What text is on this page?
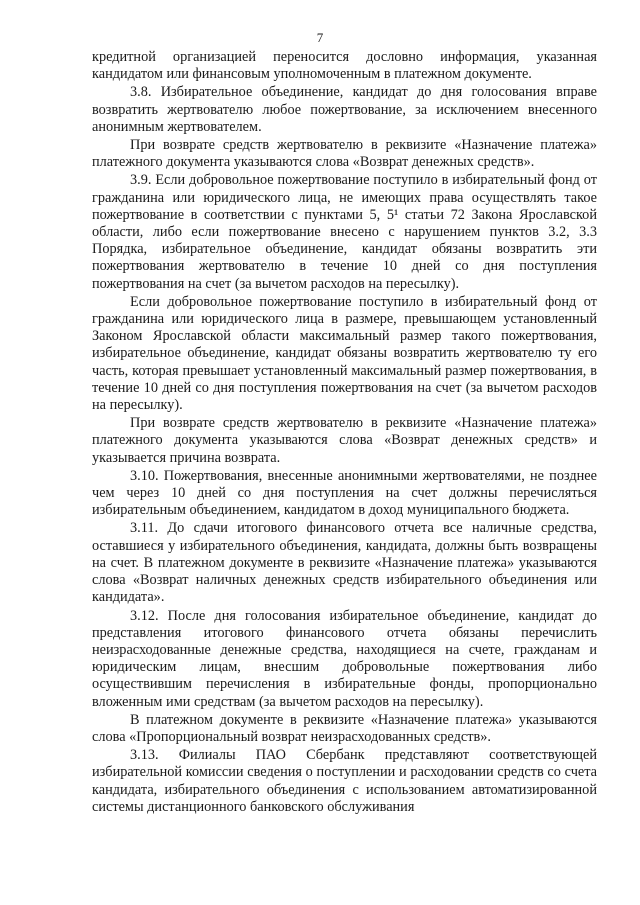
7

кредитной организацией переносится дословно информация, указанная кандидатом или финансовым уполномоченным в платежном документе.

3.8. Избирательное объединение, кандидат до дня голосования вправе возвратить жертвователю любое пожертвование, за исключением внесенного анонимным жертвователем.

При возврате средств жертвователю в реквизите «Назначение платежа» платежного документа указываются слова «Возврат денежных средств».

3.9. Если добровольное пожертвование поступило в избирательный фонд от гражданина или юридического лица, не имеющих права осуществлять такое пожертвование в соответствии с пунктами 5, 5¹ статьи 72 Закона Ярославской области, либо если пожертвование внесено с нарушением пунктов 3.2, 3.3 Порядка, избирательное объединение, кандидат обязаны возвратить эти пожертвования жертвователю в течение 10 дней со дня поступления пожертвования на счет (за вычетом расходов на пересылку).

Если добровольное пожертвование поступило в избирательный фонд от гражданина или юридического лица в размере, превышающем установленный Законом Ярославской области максимальный размер такого пожертвования, избирательное объединение, кандидат обязаны возвратить жертвователю ту его часть, которая превышает установленный максимальный размер пожертвования, в течение 10 дней со дня поступления пожертвования на счет (за вычетом расходов на пересылку).

При возврате средств жертвователю в реквизите «Назначение платежа» платежного документа указываются слова «Возврат денежных средств» и указывается причина возврата.

3.10. Пожертвования, внесенные анонимными жертвователями, не позднее чем через 10 дней со дня поступления на счет должны перечисляться избирательным объединением, кандидатом в доход муниципального бюджета.

3.11. До сдачи итогового финансового отчета все наличные средства, оставшиеся у избирательного объединения, кандидата, должны быть возвращены на счет. В платежном документе в реквизите «Назначение платежа» указываются слова «Возврат наличных денежных средств избирательного объединения или кандидата».

3.12. После дня голосования избирательное объединение, кандидат до представления итогового финансового отчета обязаны перечислить неизрасходованные денежные средства, находящиеся на счете, гражданам и юридическим лицам, внесшим добровольные пожертвования либо осуществившим перечисления в избирательные фонды, пропорционально вложенным ими средствам (за вычетом расходов на пересылку).

В платежном документе в реквизите «Назначение платежа» указываются слова «Пропорциональный возврат неизрасходованных средств».

3.13. Филиалы ПАО Сбербанк представляют соответствующей избирательной комиссии сведения о поступлении и расходовании средств со счета кандидата, избирательного объединения с использованием автоматизированной системы дистанционного банковского обслуживания
